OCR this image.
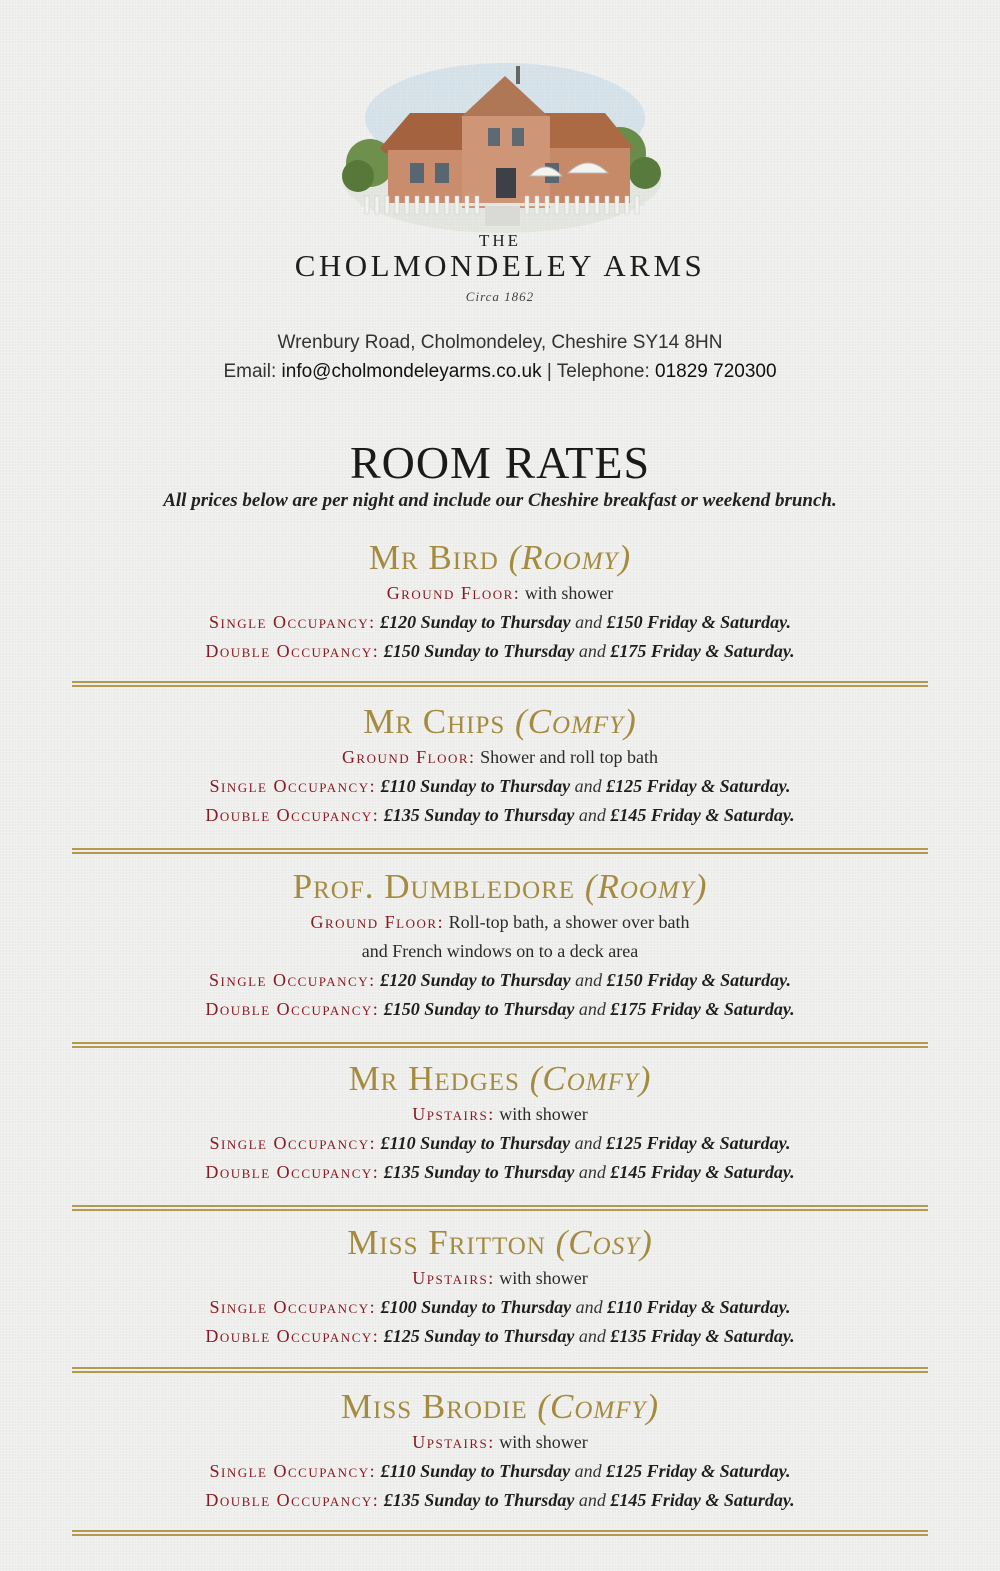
THE
CHOLMONDELEY ARMS
Circa 1862
Wrenbury Road, Cholmondeley, Cheshire SY14 8HN
Email: info@cholmondeleyarms.co.uk | Telephone: 01829 720300
ROOM RATES
All prices below are per night and include our Cheshire breakfast or weekend brunch.
Mr Bird (Roomy)
Ground Floor: with shower
Single Occupancy: £120 Sunday to Thursday and £150 Friday & Saturday.
Double Occupancy: £150 Sunday to Thursday and £175 Friday & Saturday.
Mr Chips (Comfy)
Ground Floor: Shower and roll top bath
Single Occupancy: £110 Sunday to Thursday and £125 Friday & Saturday.
Double Occupancy: £135 Sunday to Thursday and £145 Friday & Saturday.
Prof. Dumbledore (Roomy)
Ground Floor: Roll-top bath, a shower over bath
and French windows on to a deck area
Single Occupancy: £120 Sunday to Thursday and £150 Friday & Saturday.
Double Occupancy: £150 Sunday to Thursday and £175 Friday & Saturday.
Mr Hedges (Comfy)
Upstairs: with shower
Single Occupancy: £110 Sunday to Thursday and £125 Friday & Saturday.
Double Occupancy: £135 Sunday to Thursday and £145 Friday & Saturday.
Miss Fritton (Cosy)
Upstairs: with shower
Single Occupancy: £100 Sunday to Thursday and £110 Friday & Saturday.
Double Occupancy: £125 Sunday to Thursday and £135 Friday & Saturday.
Miss Brodie (Comfy)
Upstairs: with shower
Single Occupancy: £110 Sunday to Thursday and £125 Friday & Saturday.
Double Occupancy: £135 Sunday to Thursday and £145 Friday & Saturday.
